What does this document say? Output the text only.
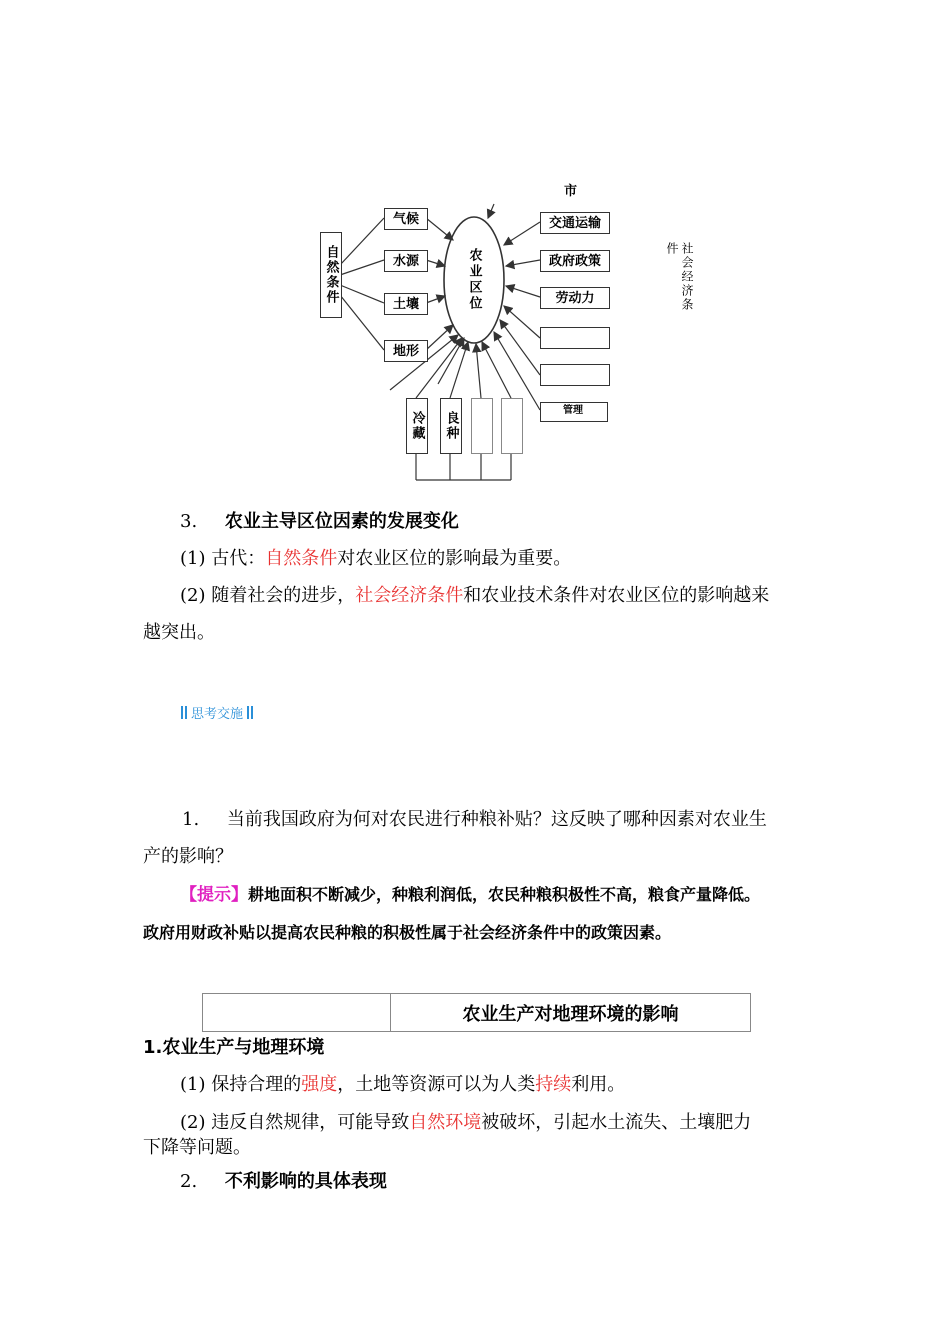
市
自然条件
气候
水源
土壤
地形
农业区位
交通运输
政府政策
劳动力
管理
冷藏 良种
社会经济条件
3. 农业主导区位因素的发展变化
(1) 古代：自然条件对农业区位的影响最为重要。
(2) 随着社会的进步，社会经济条件和农业技术条件对农业区位的影响越来
越突出。
思考交施
1. 当前我国政府为何对农民进行种粮补贴？这反映了哪种因素对农业生
产的影响？
【提示】耕地面积不断减少，种粮利润低，农民种粮积极性不高，粮食产量降低。
政府用财政补贴以提高农民种粮的积极性属于社会经济条件中的政策因素。
农业生产对地理环境的影响
1.农业生产与地理环境
(1) 保持合理的强度，土地等资源可以为人类持续利用。
(2) 违反自然规律，可能导致自然环境被破坏，引起水土流失、土壤肥力
下降等问题。
2. 不利影响的具体表现
